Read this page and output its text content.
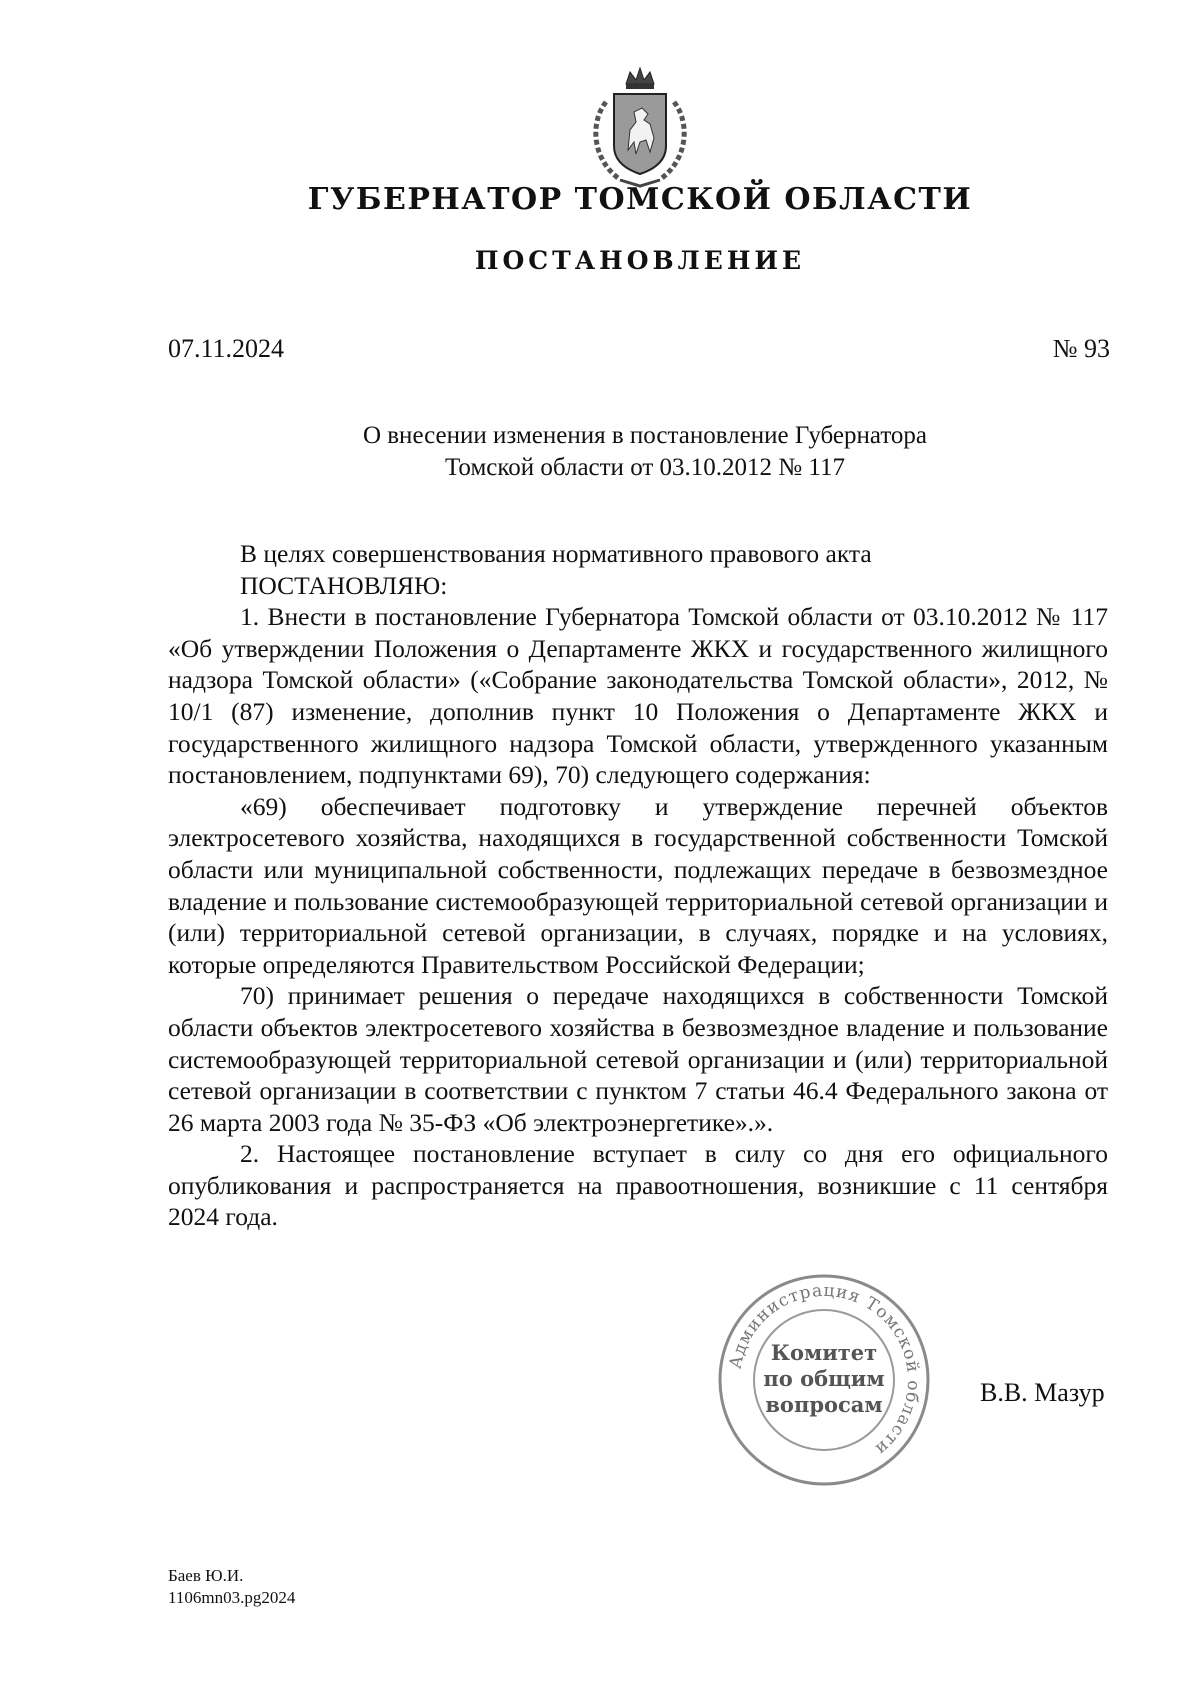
ГУБЕРНАТОР ТОМСКОЙ ОБЛАСТИ
ПОСТАНОВЛЕНИЕ
07.11.2024	№ 93
О внесении изменения в постановление Губернатора
Томской области от 03.10.2012 № 117

В целях совершенствования нормативного правового акта

ПОСТАНОВЛЯЮ:

1. Внести в постановление Губернатора Томской области от 03.10.2012 № 117 «Об утверждении Положения о Департаменте ЖКХ и государственного жилищного надзора Томской области» («Собрание законодательства Томской области», 2012, № 10/1 (87) изменение, дополнив пункт 10 Положения о Департаменте ЖКХ и государственного жилищного надзора Томской области, утвержденного указанным постановлением, подпунктами 69), 70) следующего содержания:

«69) обеспечивает подготовку и утверждение перечней объектов электросетевого хозяйства, находящихся в государственной собственности Томской области или муниципальной собственности, подлежащих передаче в безвозмездное владение и пользование системообразующей территориальной сетевой организации и (или) территориальной сетевой организации, в случаях, порядке и на условиях, которые определяются Правительством Российской Федерации;

70) принимает решения о передаче находящихся в собственности Томской области объектов электросетевого хозяйства в безвозмездное владение и пользование системообразующей территориальной сетевой организации и (или) территориальной сетевой организации в соответствии с пунктом 7 статьи 46.4 Федерального закона от 26 марта 2003 года № 35-ФЗ «Об электроэнергетике».».

2. Настоящее постановление вступает в силу со дня его официального опубликования и распространяется на правоотношения, возникшие с 11 сентября 2024 года.

Администрация Томской области
Комитет
по общим
вопросам	В.В. Мазур
Баев Ю.И.
1106mn03.pg2024
